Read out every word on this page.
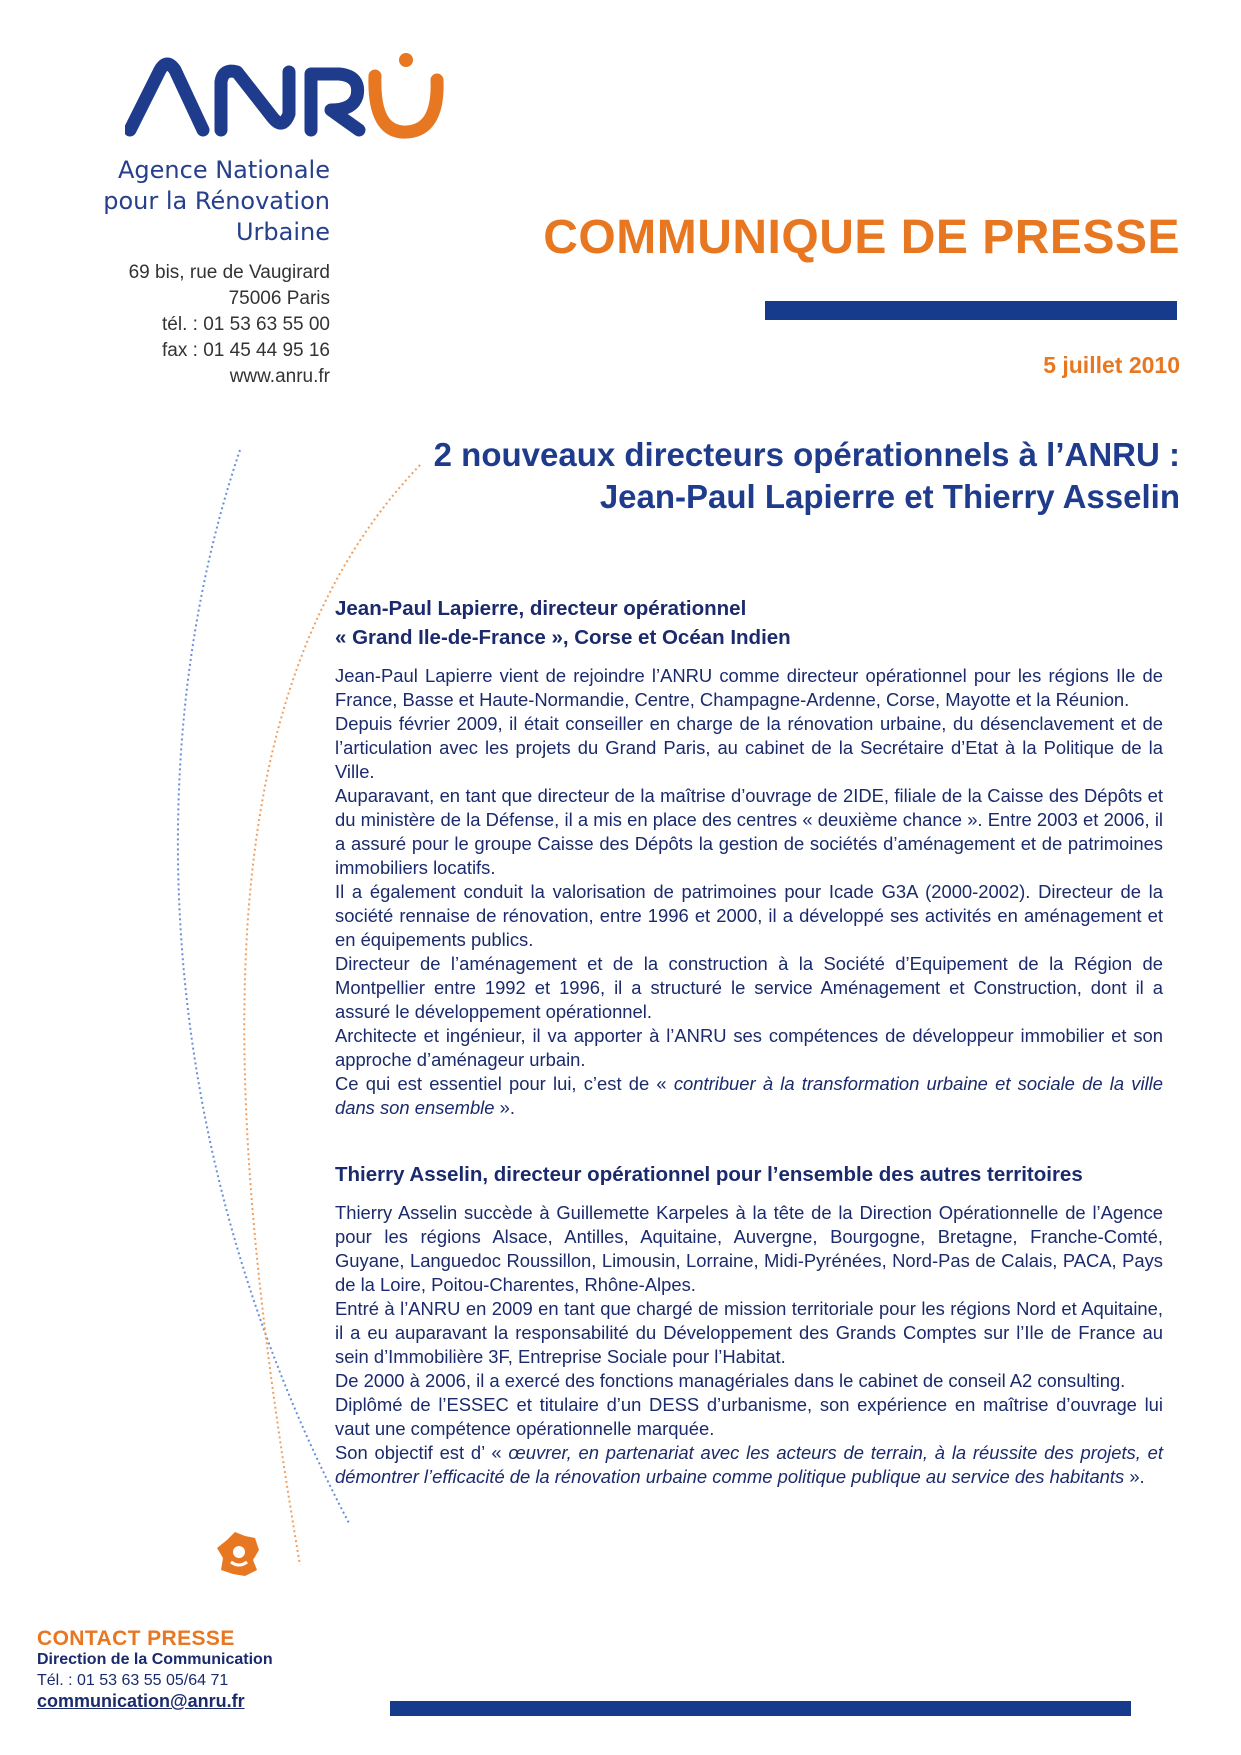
Agence Nationale
pour la Rénovation
Urbaine
69 bis, rue de Vaugirard
75006 Paris
tél. : 01 53 63 55 00
fax : 01 45 44 95 16
www.anru.fr
COMMUNIQUE DE PRESSE
5 juillet 2010
2 nouveaux directeurs opérationnels à l’ANRU :
Jean-Paul Lapierre et Thierry Asselin
Jean-Paul Lapierre, directeur opérationnel
« Grand Ile-de-France », Corse et Océan Indien

Jean-Paul Lapierre vient de rejoindre l’ANRU comme directeur opérationnel pour les régions Ile de France, Basse et Haute-Normandie, Centre, Champagne-Ardenne, Corse, Mayotte et la Réunion.

Depuis février 2009, il était conseiller en charge de la rénovation urbaine, du désenclavement et de l’articulation avec les projets du Grand Paris, au cabinet de la Secrétaire d’Etat à la Politique de la Ville.

Auparavant, en tant que directeur de la maîtrise d’ouvrage de 2IDE, filiale de la Caisse des Dépôts et du ministère de la Défense, il a mis en place des centres « deuxième chance ». Entre 2003 et 2006, il a assuré pour le groupe Caisse des Dépôts la gestion de sociétés d’aménagement et de patrimoines immobiliers locatifs.

Il a également conduit la valorisation de patrimoines pour Icade G3A (2000-2002). Directeur de la société rennaise de rénovation, entre 1996 et 2000, il a développé ses activités en aménagement et en équipements publics.

Directeur de l’aménagement et de la construction à la Société d’Equipement de la Région de Montpellier entre 1992 et 1996, il a structuré le service Aménagement et Construction, dont il a assuré le développement opérationnel.

Architecte et ingénieur, il va apporter à l’ANRU ses compétences de développeur immobilier et son approche d’aménageur urbain.

Ce qui est essentiel pour lui, c’est de « contribuer à la transformation urbaine et sociale de la ville dans son ensemble ».

Thierry Asselin, directeur opérationnel pour l’ensemble des autres territoires

Thierry Asselin succède à Guillemette Karpeles à la tête de la Direction Opérationnelle de l’Agence pour les régions Alsace, Antilles, Aquitaine, Auvergne, Bourgogne, Bretagne, Franche-Comté, Guyane, Languedoc Roussillon, Limousin, Lorraine, Midi-Pyrénées, Nord-Pas de Calais, PACA, Pays de la Loire, Poitou-Charentes, Rhône-Alpes.

Entré à l’ANRU en 2009 en tant que chargé de mission territoriale pour les régions Nord et Aquitaine, il a eu auparavant la responsabilité du Développement des Grands Comptes sur l’Ile de France au sein d’Immobilière 3F, Entreprise Sociale pour l’Habitat.

De 2000 à 2006, il a exercé des fonctions managériales dans le cabinet de conseil A2 consulting.

Diplômé de l’ESSEC et titulaire d’un DESS d’urbanisme, son expérience en maîtrise d’ouvrage lui vaut une compétence opérationnelle marquée.

Son objectif est d’ « œuvrer, en partenariat avec les acteurs de terrain, à la réussite des projets, et démontrer l’efficacité de la rénovation urbaine comme politique publique au service des habitants ».

CONTACT PRESSE
Direction de la Communication
Tél. : 01 53 63 55 05/64 71
communication@anru.fr
